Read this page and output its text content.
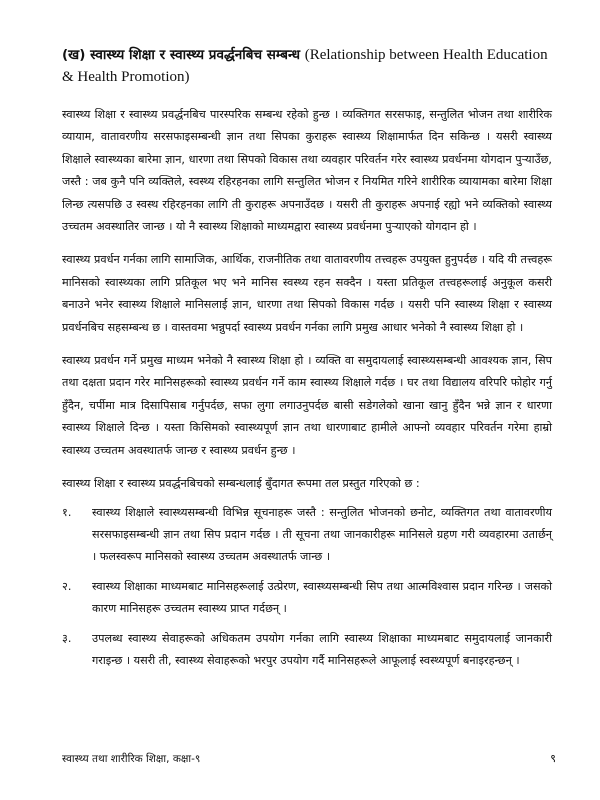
(ख) स्वास्थ्य शिक्षा र स्वास्थ्य प्रवर्द्धनबिच सम्बन्ध (Relationship between Health Education & Health Promotion)

स्वास्थ्य शिक्षा र स्वास्थ्य प्रवर्द्धनबिच पारस्परिक सम्बन्ध रहेको हुन्छ । व्यक्तिगत सरसफाइ, सन्तुलित भोजन तथा शारीरिक व्यायाम, वातावरणीय सरसफाइसम्बन्धी ज्ञान तथा सिपका कुराहरू स्वास्थ्य शिक्षामार्फत दिन सकिन्छ । यसरी स्वास्थ्य शिक्षाले स्वास्थ्यका बारेमा ज्ञान, धारणा तथा सिपको विकास तथा व्यवहार परिवर्तन गरेर स्वास्थ्य प्रवर्धनमा योगदान पुऱ्याउँछ, जस्तै : जब कुनै पनि व्यक्तिले, स्वस्थ्य रहिरहनका लागि सन्तुलित भोजन र नियमित गरिने शारीरिक व्यायामका बारेमा शिक्षा लिन्छ त्यसपछि उ स्वस्थ रहिरहनका लागि ती कुराहरू अपनाउँदछ । यसरी ती कुराहरू अपनाई रह्यो भने व्यक्तिको स्वास्थ्य उच्चतम अवस्थातिर जान्छ । यो नै स्वास्थ्य शिक्षाको माध्यमद्वारा स्वास्थ्य प्रवर्धनमा पुऱ्याएको योगदान हो ।

स्वास्थ्य प्रवर्धन गर्नका लागि सामाजिक, आर्थिक, राजनीतिक तथा वातावरणीय तत्त्वहरू उपयुक्त हुनुपर्दछ । यदि यी तत्त्वहरू मानिसको स्वास्थ्यका लागि प्रतिकूल भए भने मानिस स्वस्थ्य रहन सक्दैन । यस्ता प्रतिकूल तत्त्वहरूलाई अनुकूल कसरी बनाउने भनेर स्वास्थ्य शिक्षाले मानिसलाई ज्ञान, धारणा तथा सिपको विकास गर्दछ । यसरी पनि स्वास्थ्य शिक्षा र स्वास्थ्य प्रवर्धनबिच सहसम्बन्ध छ । वास्तवमा भन्नुपर्दा स्वास्थ्य प्रवर्धन गर्नका लागि प्रमुख आधार भनेको नै स्वास्थ्य शिक्षा हो ।

स्वास्थ्य प्रवर्धन गर्ने प्रमुख माध्यम भनेको नै स्वास्थ्य शिक्षा हो । व्यक्ति वा समुदायलाई स्वास्थ्यसम्बन्धी आवश्यक ज्ञान, सिप तथा दक्षता प्रदान गरेर मानिसहरूको स्वास्थ्य प्रवर्धन गर्ने काम स्वास्थ्य शिक्षाले गर्दछ । घर तथा विद्यालय वरिपरि फोहोर गर्नु हुँदैन, चर्पीमा मात्र दिसापिसाब गर्नुपर्दछ, सफा लुगा लगाउनुपर्दछ बासी सडेगलेको खाना खानु हुँदैन भन्ने ज्ञान र धारणा स्वास्थ्य शिक्षाले दिन्छ । यस्ता किसिमको स्वास्थ्यपूर्ण ज्ञान तथा धारणाबाट हामीले आफ्नो व्यवहार परिवर्तन गरेमा हाम्रो स्वास्थ्य उच्चतम अवस्थातर्फ जान्छ र स्वास्थ्य प्रवर्धन हुन्छ ।

स्वास्थ्य शिक्षा र स्वास्थ्य प्रवर्द्धनबिचको सम्बन्धलाई बुँदागत रूपमा तल प्रस्तुत गरिएको छ :

१.	स्वास्थ्य शिक्षाले स्वास्थ्यसम्बन्धी विभिन्न सूचनाहरू जस्तै : सन्तुलित भोजनको छनोट, व्यक्तिगत तथा वातावरणीय सरसफाइसम्बन्धी ज्ञान तथा सिप प्रदान गर्दछ । ती सूचना तथा जानकारीहरू मानिसले ग्रहण गरी व्यवहारमा उतार्छन् । फलस्वरूप मानिसको स्वास्थ्य उच्चतम अवस्थातर्फ जान्छ ।
२.	स्वास्थ्य शिक्षाका माध्यमबाट मानिसहरूलाई उत्प्रेरण, स्वास्थ्यसम्बन्धी सिप तथा आत्मविश्वास प्रदान गरिन्छ । जसको कारण मानिसहरू उच्चतम स्वास्थ्य प्राप्त गर्दछन् ।
३.	उपलब्ध स्वास्थ्य सेवाहरूको अधिकतम उपयोग गर्नका लागि स्वास्थ्य शिक्षाका माध्यमबाट समुदायलाई जानकारी गराइन्छ । यसरी ती, स्वास्थ्य सेवाहरूको भरपुर उपयोग गर्दै मानिसहरूले आफूलाई स्वस्थ्यपूर्ण बनाइरहन्छन् ।
स्वास्थ्य तथा शारीरिक शिक्षा, कक्षा-९	९
